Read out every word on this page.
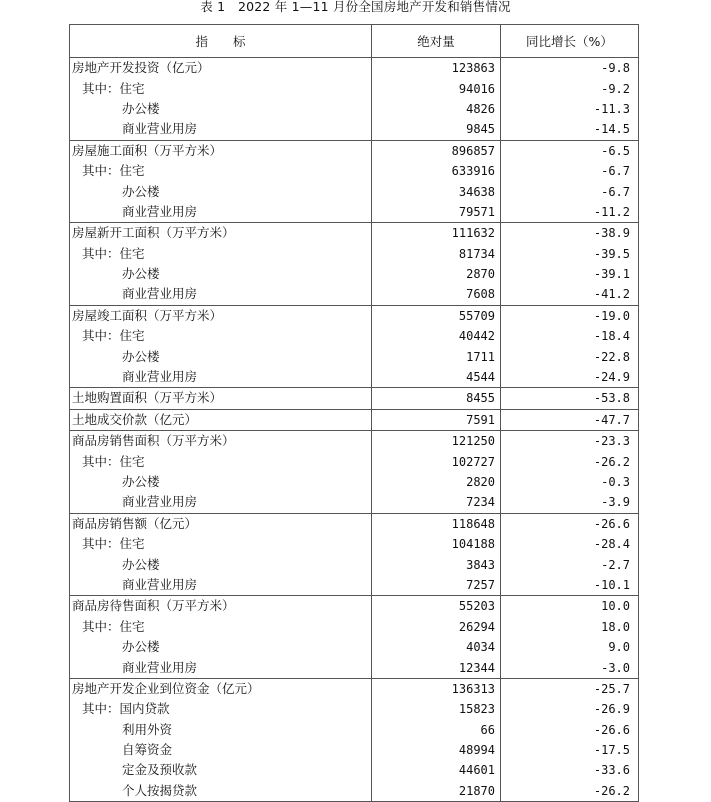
表 1　2022 年 1—11 月份全国房地产开发和销售情况
指　　标	绝对量	同比增长（%）
房地产开发投资（亿元）	123863	-9.8
其中：住宅	94016	-9.2
办公楼	4826	-11.3
商业营业用房	9845	-14.5
房屋施工面积（万平方米）	896857	-6.5
其中：住宅	633916	-6.7
办公楼	34638	-6.7
商业营业用房	79571	-11.2
房屋新开工面积（万平方米）	111632	-38.9
其中：住宅	81734	-39.5
办公楼	2870	-39.1
商业营业用房	7608	-41.2
房屋竣工面积（万平方米）	55709	-19.0
其中：住宅	40442	-18.4
办公楼	1711	-22.8
商业营业用房	4544	-24.9
土地购置面积（万平方米）	8455	-53.8
土地成交价款（亿元）	7591	-47.7
商品房销售面积（万平方米）	121250	-23.3
其中：住宅	102727	-26.2
办公楼	2820	-0.3
商业营业用房	7234	-3.9
商品房销售额（亿元）	118648	-26.6
其中：住宅	104188	-28.4
办公楼	3843	-2.7
商业营业用房	7257	-10.1
商品房待售面积（万平方米）	55203	10.0
其中：住宅	26294	18.0
办公楼	4034	9.0
商业营业用房	12344	-3.0
房地产开发企业到位资金（亿元）	136313	-25.7
其中：国内贷款	15823	-26.9
利用外资	66	-26.6
自筹资金	48994	-17.5
定金及预收款	44601	-33.6
个人按揭贷款	21870	-26.2
